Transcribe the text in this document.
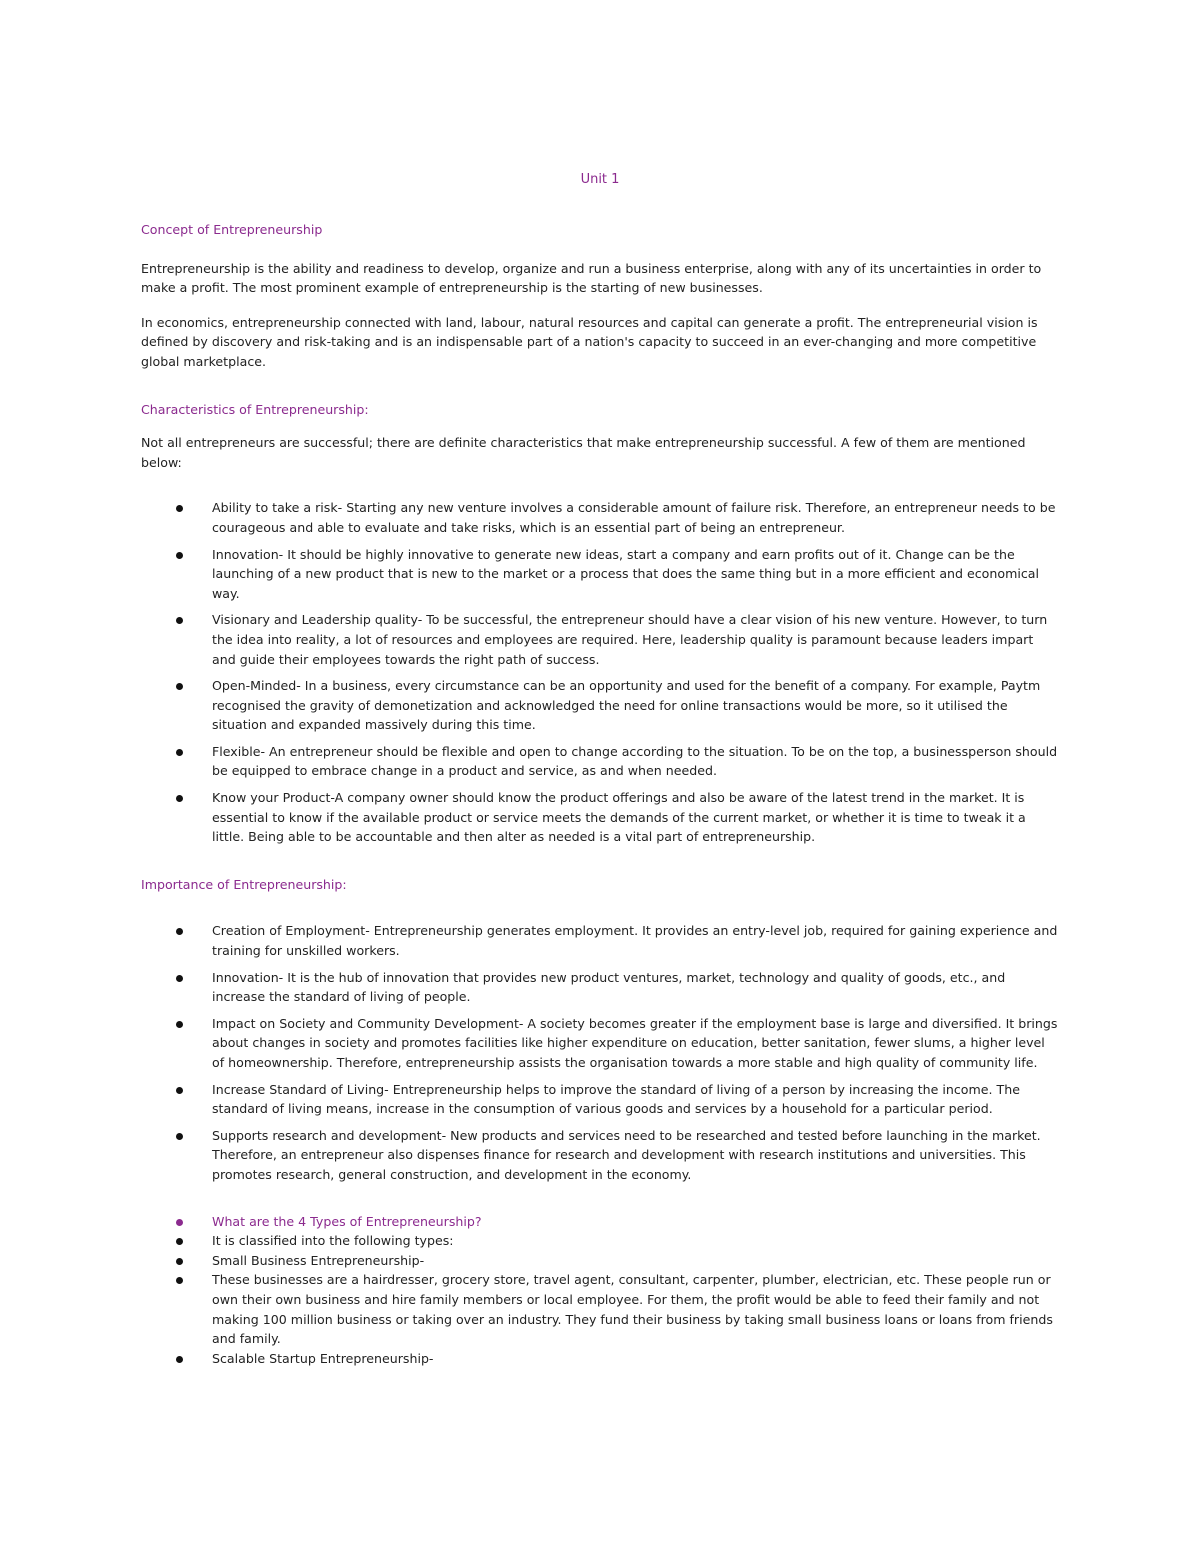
Unit 1
Concept of Entrepreneurship

Entrepreneurship is the ability and readiness to develop, organize and run a business enterprise, along with any of its uncertainties in order to make a profit. The most prominent example of entrepreneurship is the starting of new businesses.

In economics, entrepreneurship connected with land, labour, natural resources and capital can generate a profit. The entrepreneurial vision is defined by discovery and risk-taking and is an indispensable part of a nation's capacity to succeed in an ever-changing and more competitive global marketplace.

Characteristics of Entrepreneurship:

Not all entrepreneurs are successful; there are definite characteristics that make entrepreneurship successful. A few of them are mentioned below:

Ability to take a risk- Starting any new venture involves a considerable amount of failure risk. Therefore, an entrepreneur needs to be courageous and able to evaluate and take risks, which is an essential part of being an entrepreneur.
Innovation- It should be highly innovative to generate new ideas, start a company and earn profits out of it. Change can be the launching of a new product that is new to the market or a process that does the same thing but in a more efficient and economical way.
Visionary and Leadership quality- To be successful, the entrepreneur should have a clear vision of his new venture. However, to turn the idea into reality, a lot of resources and employees are required. Here, leadership quality is paramount because leaders impart and guide their employees towards the right path of success.
Open-Minded- In a business, every circumstance can be an opportunity and used for the benefit of a company. For example, Paytm recognised the gravity of demonetization and acknowledged the need for online transactions would be more, so it utilised the situation and expanded massively during this time.
Flexible- An entrepreneur should be flexible and open to change according to the situation. To be on the top, a businessperson should be equipped to embrace change in a product and service, as and when needed.
Know your Product-A company owner should know the product offerings and also be aware of the latest trend in the market. It is essential to know if the available product or service meets the demands of the current market, or whether it is time to tweak it a little. Being able to be accountable and then alter as needed is a vital part of entrepreneurship.
Importance of Entrepreneurship:
Creation of Employment- Entrepreneurship generates employment. It provides an entry-level job, required for gaining experience and training for unskilled workers.
Innovation- It is the hub of innovation that provides new product ventures, market, technology and quality of goods, etc., and increase the standard of living of people.
Impact on Society and Community Development- A society becomes greater if the employment base is large and diversified. It brings about changes in society and promotes facilities like higher expenditure on education, better sanitation, fewer slums, a higher level of homeownership. Therefore, entrepreneurship assists the organisation towards a more stable and high quality of community life.
Increase Standard of Living- Entrepreneurship helps to improve the standard of living of a person by increasing the income. The standard of living means, increase in the consumption of various goods and services by a household for a particular period.
Supports research and development- New products and services need to be researched and tested before launching in the market. Therefore, an entrepreneur also dispenses finance for research and development with research institutions and universities. This promotes research, general construction, and development in the economy.
What are the 4 Types of Entrepreneurship?
It is classified into the following types:
Small Business Entrepreneurship-
These businesses are a hairdresser, grocery store, travel agent, consultant, carpenter, plumber, electrician, etc. These people run or own their own business and hire family members or local employee. For them, the profit would be able to feed their family and not making 100 million business or taking over an industry. They fund their business by taking small business loans or loans from friends and family.
Scalable Startup Entrepreneurship-
